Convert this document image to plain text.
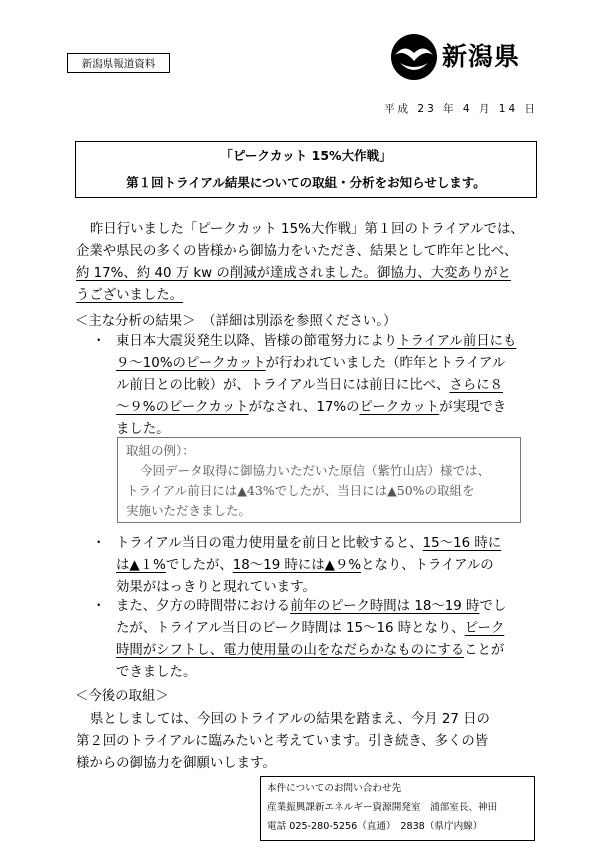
新潟県報道資料	新潟県
平成 23 年 4 月 14 日
「ピークカット 15%大作戦」
第１回トライアル結果についての取組・分析をお知らせします。
昨日行いました「ピークカット 15%大作戦」第１回のトライアルでは、
企業や県民の多くの皆様から御協力をいただき、結果として昨年と比べ、
約 17%、約 40 万 kw の削減が達成されました。御協力、大変ありがと
うございました。
＜主な分析の結果＞　（詳細は別添を参照ください。）
・ 東日本大震災発生以降、皆様の節電努力によりトライアル前日にも
９～10%のピークカットが行われていました（昨年とトライアル
ル前日との比較）が、トライアル当日には前日に比べ、さらに８
～９%のピークカットがなされ、17%のピークカットが実現でき
ました。
取組の例）：
今回データ取得に御協力いただいた原信（紫竹山店）様では、
トライアル前日には▲43%でしたが、当日には▲50%の取組を
実施いただきました。
・ トライアル当日の電力使用量を前日と比較すると、15～16 時に
は▲１%でしたが、18～19 時には▲９%となり、トライアルの
効果がはっきりと現れています。
・ また、夕方の時間帯における前年のピーク時間は 18～19 時でし
たが、トライアル当日のピーク時間は 15～16 時となり、ピーク
時間がシフトし、電力使用量の山をなだらかなものにすることが
できました。
＜今後の取組＞
県としましては、今回のトライアルの結果を踏まえ、今月 27 日の
第２回のトライアルに臨みたいと考えています。引き続き、多くの皆
様からの御協力を御願いします。
本件についてのお問い合わせ先
産業振興課新エネルギー資源開発室　浦部室長、神田
電話 025-280-5256（直通）　2838（県庁内線）
